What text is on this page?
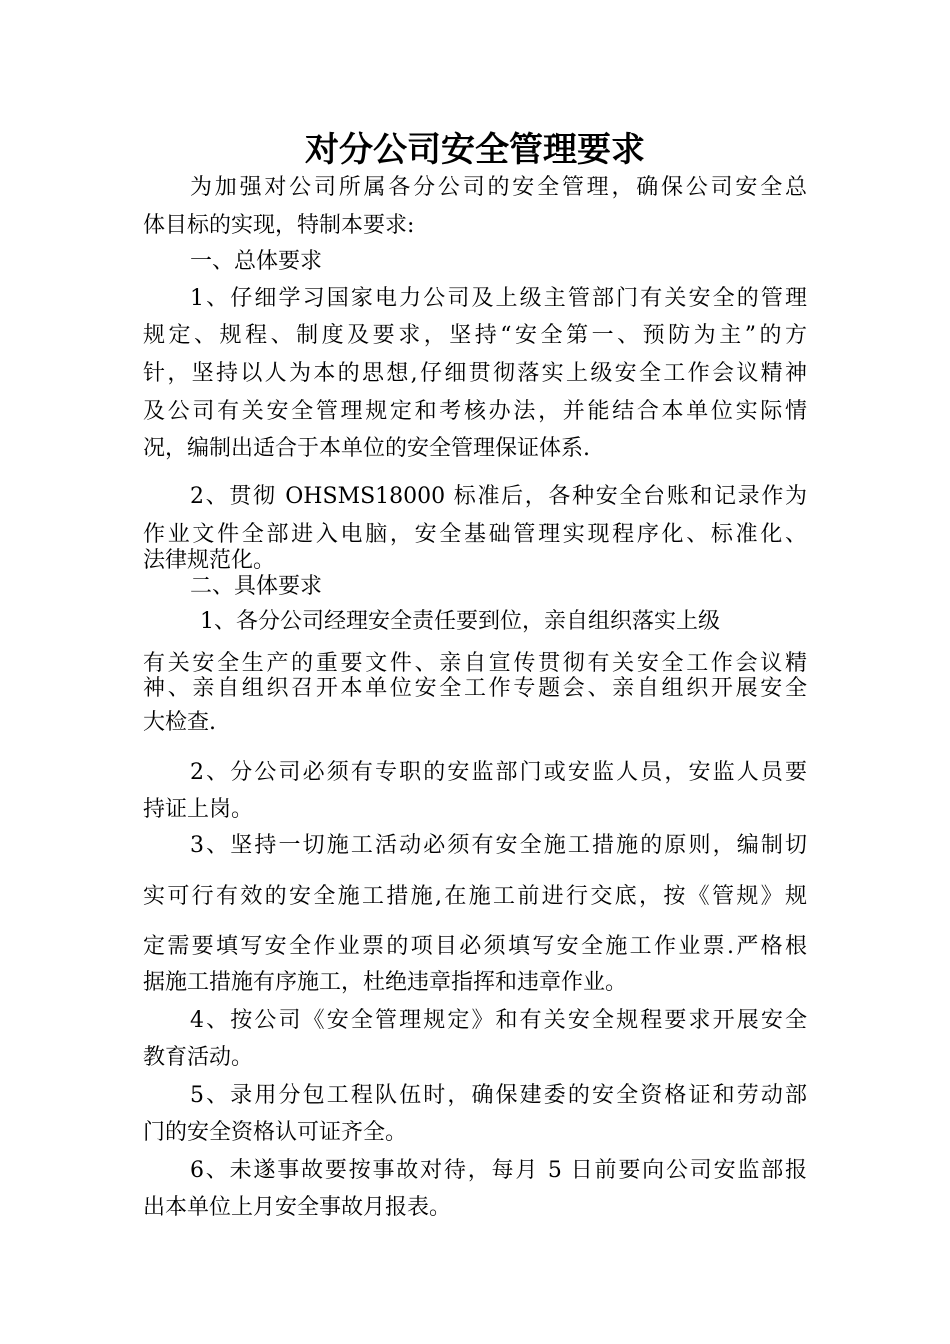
对分公司安全管理要求

为加强对公司所属各分公司的安全管理，确保公司安全总

体目标的实现，特制本要求:

一、总体要求

1、仔细学习国家电力公司及上级主管部门有关安全的管理

规定、规程、制度及要求，坚持“安全第一、预防为主”的方

针，坚持以人为本的思想,仔细贯彻落实上级安全工作会议精神

及公司有关安全管理规定和考核办法，并能结合本单位实际情

况，编制出适合于本单位的安全管理保证体系.

2、贯彻 OHSMS18000 标准后，各种安全台账和记录作为

作业文件全部进入电脑，安全基础管理实现程序化、标准化、

法律规范化。

二、具体要求

1、各分公司经理安全责任要到位，亲自组织落实上级

有关安全生产的重要文件、亲自宣传贯彻有关安全工作会议精

神、亲自组织召开本单位安全工作专题会、亲自组织开展安全

大检查.

2、分公司必须有专职的安监部门或安监人员，安监人员要

持证上岗。

3、坚持一切施工活动必须有安全施工措施的原则，编制切

实可行有效的安全施工措施,在施工前进行交底，按《管规》规

定需要填写安全作业票的项目必须填写安全施工作业票.严格根

据施工措施有序施工，杜绝违章指挥和违章作业。

4、按公司《安全管理规定》和有关安全规程要求开展安全

教育活动。

5、录用分包工程队伍时，确保建委的安全资格证和劳动部

门的安全资格认可证齐全。

6、未遂事故要按事故对待，每月 5 日前要向公司安监部报

出本单位上月安全事故月报表。
